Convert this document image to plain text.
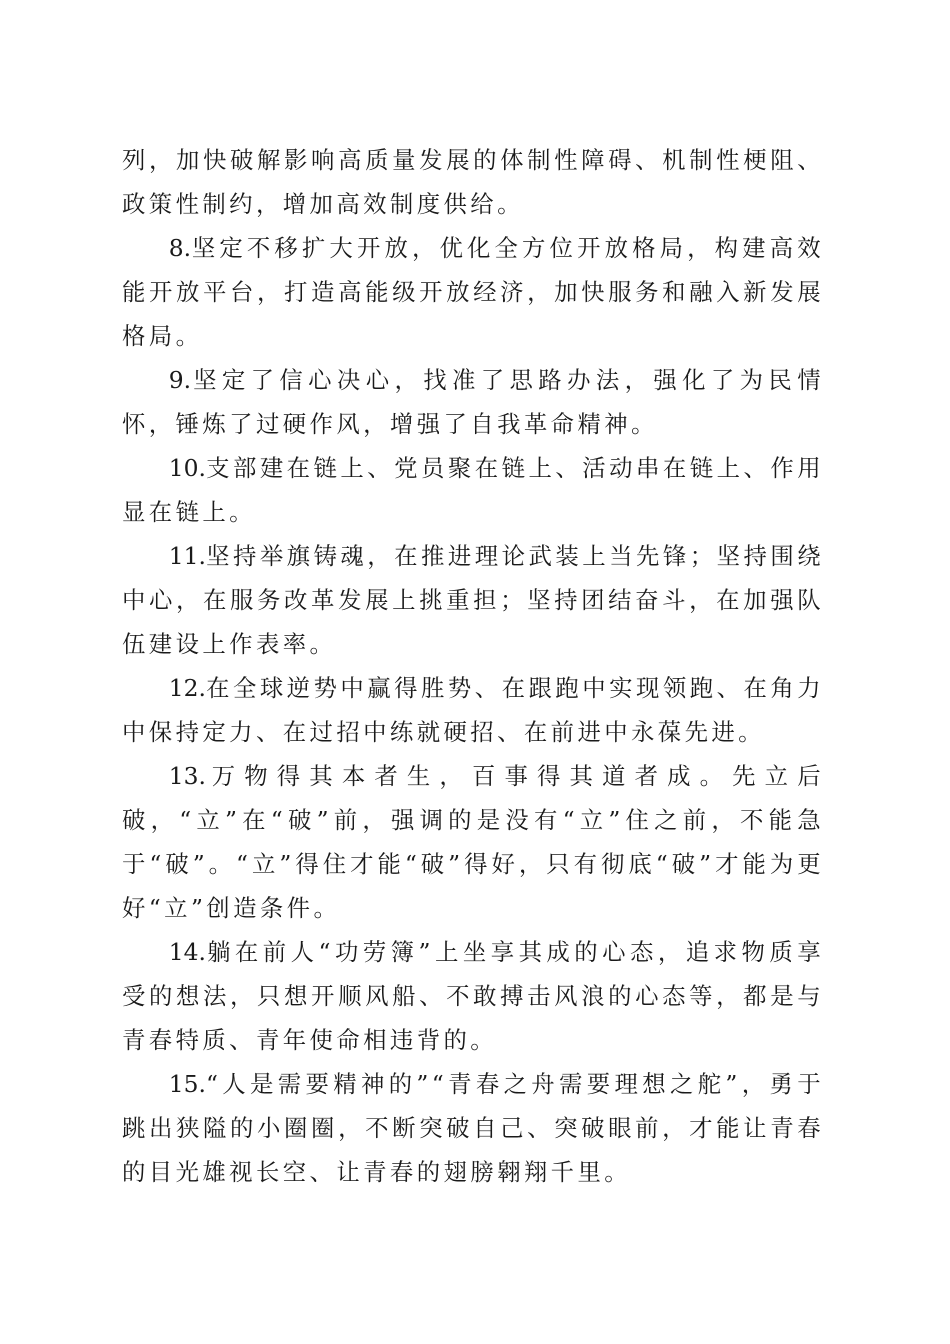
列，加快破解影响高质量发展的体制性障碍、机制性梗阻、政策性制约，增加高效制度供给。

8.坚定不移扩大开放，优化全方位开放格局，构建高效能开放平台，打造高能级开放经济，加快服务和融入新发展格局。

9.坚定了信心决心，找准了思路办法，强化了为民情怀，锤炼了过硬作风，增强了自我革命精神。

10.支部建在链上、党员聚在链上、活动串在链上、作用显在链上。

11.坚持举旗铸魂，在推进理论武装上当先锋；坚持围绕中心，在服务改革发展上挑重担；坚持团结奋斗，在加强队伍建设上作表率。

12.在全球逆势中赢得胜势、在跟跑中实现领跑、在角力中保持定力、在过招中练就硬招、在前进中永葆先进。

13.万物得其本者生，百事得其道者成。先立后破，“立”在“破”前，强调的是没有“立”住之前，不能急于“破”。“立”得住才能“破”得好，只有彻底“破”才能为更好“立”创造条件。

14.躺在前人“功劳簿”上坐享其成的心态，追求物质享受的想法，只想开顺风船、不敢搏击风浪的心态等，都是与青春特质、青年使命相违背的。

15.“人是需要精神的”“青春之舟需要理想之舵”，勇于跳出狭隘的小圈圈，不断突破自己、突破眼前，才能让青春的目光雄视长空、让青春的翅膀翱翔千里。
